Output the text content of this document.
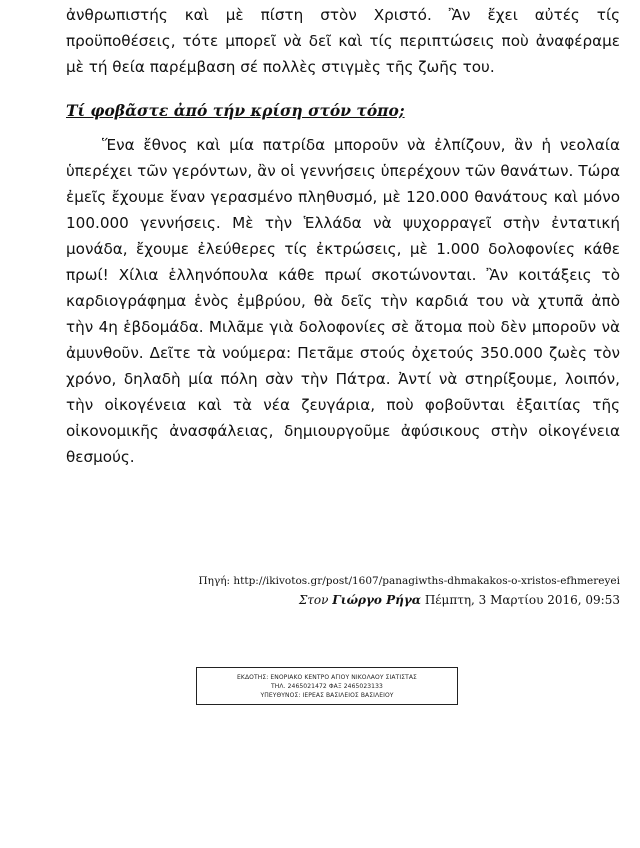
ἀνθρωπιστής καὶ μὲ πίστη στὸν Χριστό. Ἂν ἔχει αὐτές τίς προϋποθέσεις, τότε μπορεῖ νὰ δεῖ καὶ τίς περιπτώσεις ποὺ ἀναφέραμε μὲ τή θεία παρέμβαση σέ πολλὲς στιγμὲς τῆς ζωῆς του.

Τί φοβᾶστε ἀπό τήν κρίση στόν τόπο;

Ἕνα ἔθνος καὶ μία πατρίδα μποροῦν νὰ ἐλπίζουν, ἂν ἡ νεολαία ὑπερέχει τῶν γερόντων, ἂν οἱ γεννήσεις ὑπερέχουν τῶν θανάτων. Τώρα ἐμεῖς ἔχουμε ἕναν γερασμένο πληθυσμό, μὲ 120.000 θανάτους καὶ μόνο 100.000 γεννήσεις. Μὲ τὴν Ἑλλάδα νὰ ψυχορραγεῖ στὴν ἐντατική μονάδα, ἔχουμε ἐλεύθερες τίς ἐκτρώσεις, μὲ 1.000 δολοφονίες κάθε πρωί! Χίλια ἑλληνόπουλα κάθε πρωί σκοτώνονται. Ἂν κοιτάξεις τὸ καρδιογράφημα ἑνὸς ἐμβρύου, θὰ δεῖς τὴν καρδιά του νὰ χτυπᾶ ἀπὸ τὴν 4η ἑβδομάδα. Μιλᾶμε γιὰ δολοφονίες σὲ ἄτομα ποὺ δὲν μποροῦν νὰ ἀμυνθοῦν. Δεῖτε τὰ νούμερα: Πετᾶμε στούς ὀχετούς 350.000 ζωὲς τὸν χρόνο, δηλαδὴ μία πόλη σὰν τὴν Πάτρα. Ἀντί νὰ στηρίξουμε, λοιπόν, τὴν οἰκογένεια καὶ τὰ νέα ζευγάρια, ποὺ φοβοῦνται ἐξαιτίας τῆς οἰκονομικῆς ἀνασφάλειας, δημιουργοῦμε ἀφύσικους στὴν οἰκογένεια θεσμούς.

Πηγή: http://ikivotos.gr/post/1607/panagiwths-dhmakakos-o-xristos-efhmereyei

Στον Γιώργο Ρήγα Πέμπτη, 3 Μαρτίου 2016, 09:53

ΕΚΔΟΤΗΣ: ΕΝΟΡΙΑΚΟ ΚΕΝΤΡΟ ΑΓΙΟΥ ΝΙΚΟΛΑΟΥ ΣΙΑΤΙΣΤΑΣ
ΤΗΛ. 2465021472 ΦΑΞ 2465023133
ΥΠΕΥΘΥΝΟΣ: ΙΕΡΕΑΣ ΒΑΣΙΛΕΙΟΣ ΒΑΣΙΛΕΙΟΥ
